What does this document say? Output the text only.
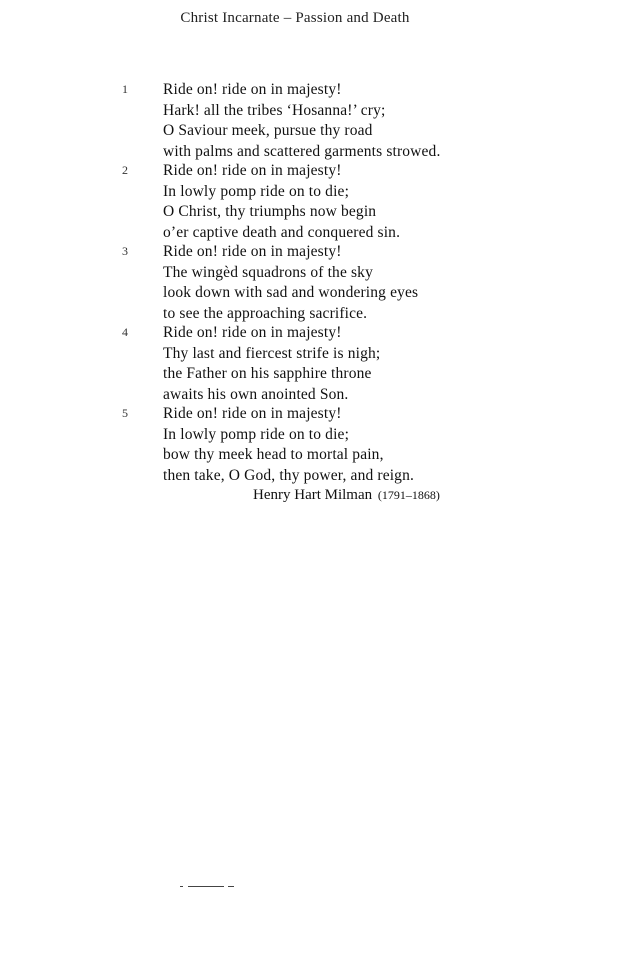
Christ Incarnate – Passion and Death
1 Ride on! ride on in majesty!
Hark! all the tribes ‘Hosanna!’ cry;
O Saviour meek, pursue thy road
with palms and scattered garments strowed.
2 Ride on! ride on in majesty!
In lowly pomp ride on to die;
O Christ, thy triumphs now begin
o’er captive death and conquered sin.
3 Ride on! ride on in majesty!
The wingèd squadrons of the sky
look down with sad and wondering eyes
to see the approaching sacrifice.
4 Ride on! ride on in majesty!
Thy last and fiercest strife is nigh;
the Father on his sapphire throne
awaits his own anointed Son.
5 Ride on! ride on in majesty!
In lowly pomp ride on to die;
bow thy meek head to mortal pain,
then take, O God, thy power, and reign.
Henry Hart Milman (1791–1868)
